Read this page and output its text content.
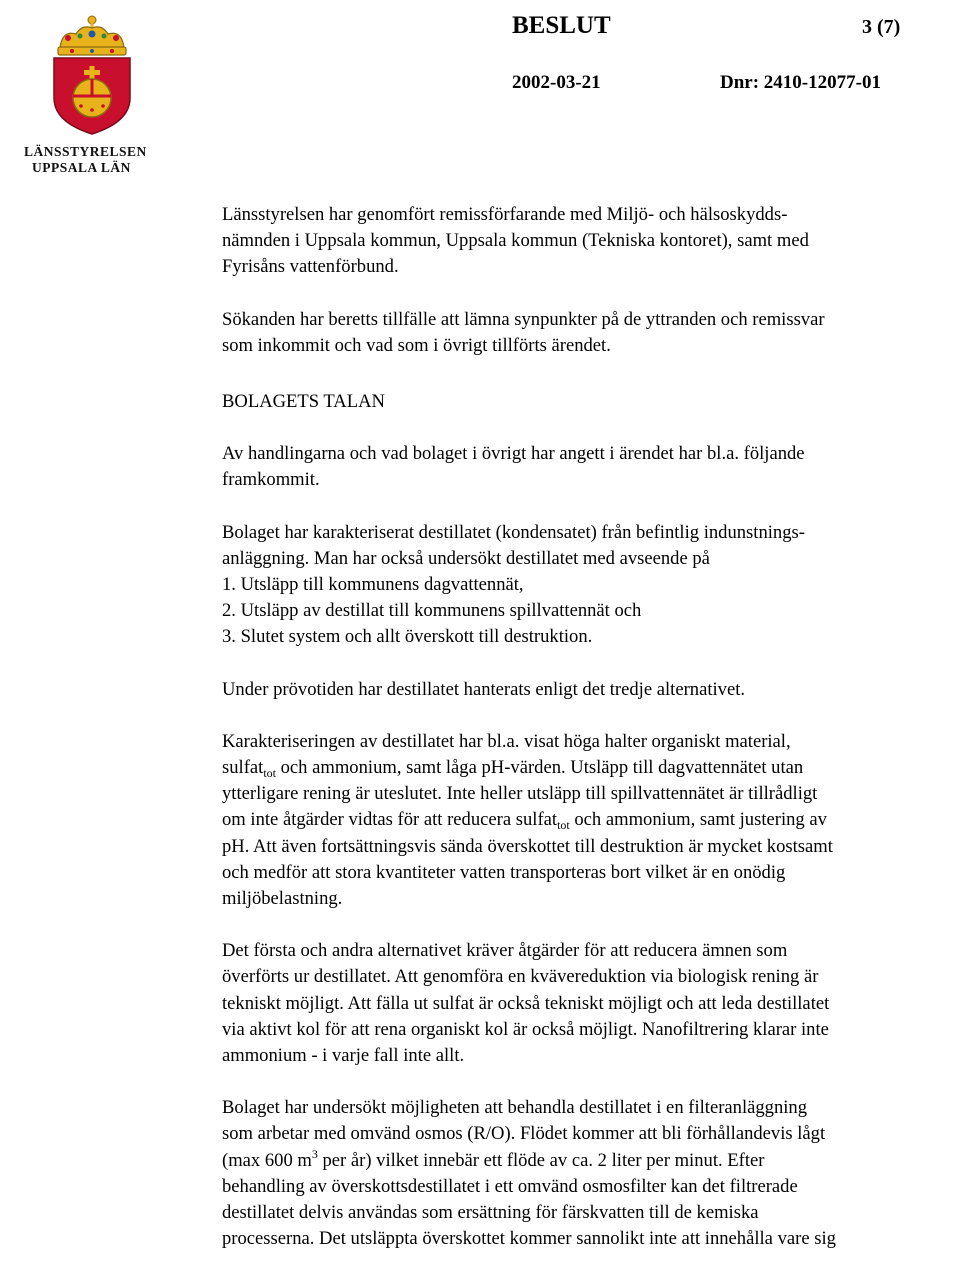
LÄNSSTYRELSEN
UPPSALA LÄN
BESLUT	3 (7)
2002-03-21	Dnr: 2410-12077-01

Länsstyrelsen har genomfört remissförfarande med Miljö- och hälsoskydds-
nämnden i Uppsala kommun, Uppsala kommun (Tekniska kontoret), samt med
Fyrisåns vattenförbund.

Sökanden har beretts tillfälle att lämna synpunkter på de yttranden och remissvar
som inkommit och vad som i övrigt tillförts ärendet.

BOLAGETS TALAN

Av handlingarna och vad bolaget i övrigt har angett i ärendet har bl.a. följande
framkommit.

Bolaget har karakteriserat destillatet (kondensatet) från befintlig indunstnings-
anläggning. Man har också undersökt destillatet med avseende på
1. Utsläpp till kommunens dagvattennät,
2. Utsläpp av destillat till kommunens spillvattennät och
3. Slutet system och allt överskott till destruktion.

Under prövotiden har destillatet hanterats enligt det tredje alternativet.

Karakteriseringen av destillatet har bl.a. visat höga halter organiskt material,
sulfat$_{tot}$ och ammonium, samt låga pH-värden. Utsläpp till dagvattennätet utan
ytterligare rening är uteslutet. Inte heller utsläpp till spillvattennätet är tillrådligt
om inte åtgärder vidtas för att reducera sulfat$_{tot}$ och ammonium, samt justering av
pH. Att även fortsättningsvis sända överskottet till destruktion är mycket kostsamt
och medför att stora kvantiteter vatten transporteras bort vilket är en onödig
miljöbelastning.

Det första och andra alternativet kräver åtgärder för att reducera ämnen som
överförts ur destillatet. Att genomföra en kvävereduktion via biologisk rening är
tekniskt möjligt. Att fälla ut sulfat är också tekniskt möjligt och att leda destillatet
via aktivt kol för att rena organiskt kol är också möjligt. Nanofiltrering klarar inte
ammonium - i varje fall inte allt.

Bolaget har undersökt möjligheten att behandla destillatet i en filteranläggning
som arbetar med omvänd osmos (R/O). Flödet kommer att bli förhållandevis lågt
(max 600 $m^3$ per år) vilket innebär ett flöde av ca. 2 liter per minut. Efter
behandling av överskottsdestillatet i ett omvänd osmosfilter kan det filtrerade
destillatet delvis användas som ersättning för färskvatten till de kemiska
processerna. Det utsläppta överskottet kommer sannolikt inte att innehålla vare sig
